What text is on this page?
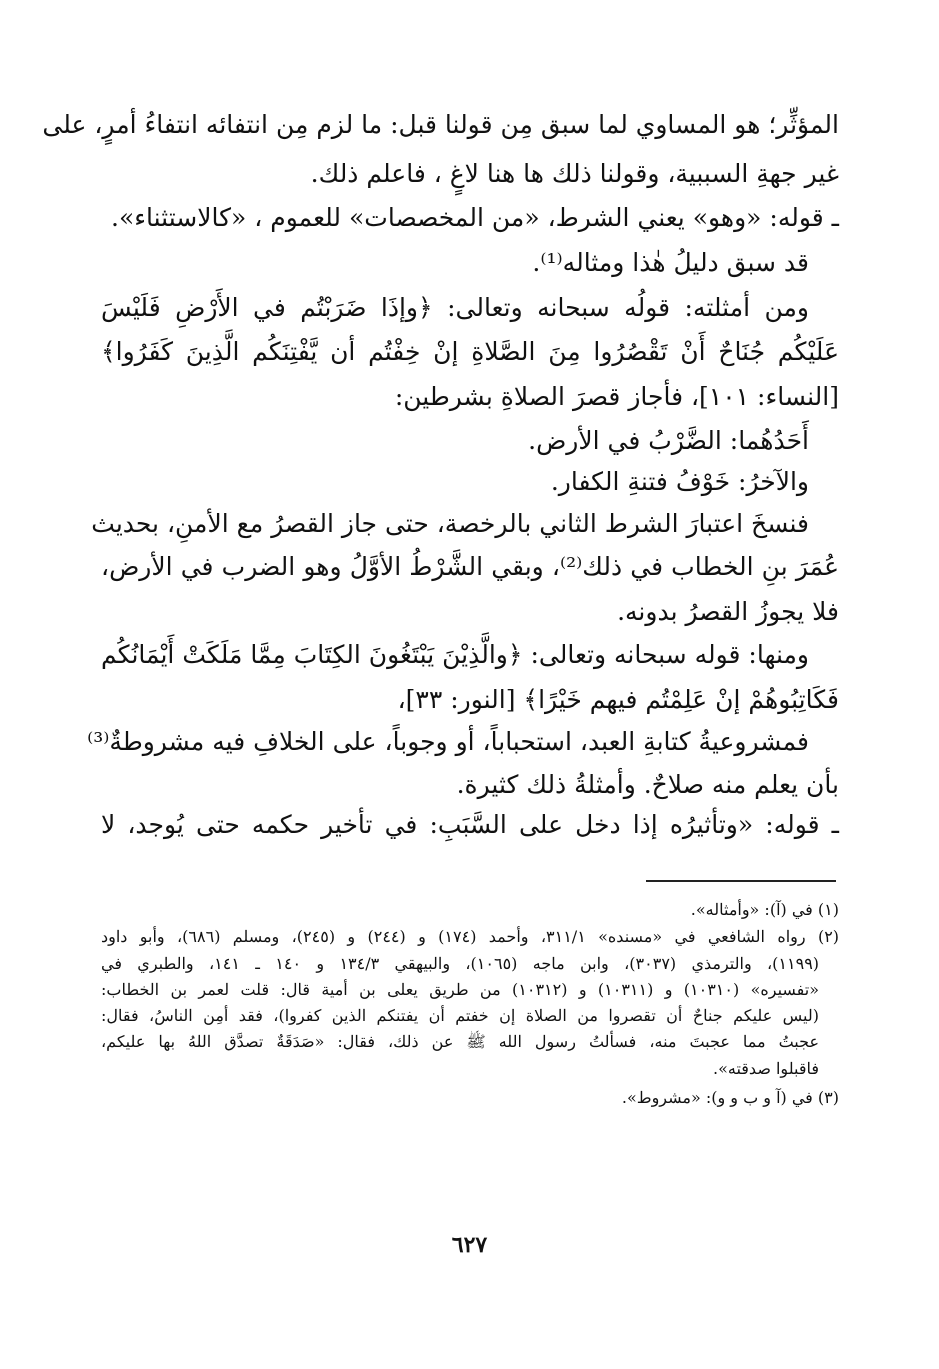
المؤثِّر؛ هو المساوي لما سبق مِن قولنا قبل: ما لزم مِن انتفائه انتفاءُ أمرٍ، على
غير جهةِ السببية، وقولنا ذلك ها هنا لاغٍ ، فاعلم ذلك.
ـ قوله: «وهو» يعني الشرط، «من المخصصات» للعموم ، «كالاستثناء».
قد سبق دليلُ هٰذا ومثاله⁽¹⁾.
ومن أمثلته: قولُه سبحانه وتعالى: ﴿وإذَا ضَرَبْتُم في الأَرْضِ فَلَيْسَ
عَلَيْكُم جُنَاحٌ أَنْ تَقْصُرُوا مِنَ الصَّلاةِ إنْ خِفْتُم أن يَّفْتِنَكُم الَّذِينَ كَفَرُوا﴾
[النساء: ١٠١]، فأجاز قصرَ الصلاةِ بشرطين:
أَحَدُهُما: الضَّرْبُ في الأرض.
والآخرُ: خَوْفُ فتنةِ الكفار.
فنسخَ اعتبارَ الشرط الثاني بالرخصة، حتى جاز القصرُ مع الأمنِ، بحديث
عُمَرَ بنِ الخطاب في ذلك⁽²⁾، وبقي الشَّرْطُ الأوَّلُ وهو الضرب في الأرض،
فلا يجوزُ القصرُ بدونه.
ومنها: قوله سبحانه وتعالى: ﴿والَّذِيْنَ يَبْتَغُونَ الكِتَابَ مِمَّا مَلَكَتْ أَيْمَانُكُم
فَكَاتِبُوهُمْ إنْ عَلِمْتُم فيهم خَيْرًا﴾ [النور: ٣٣]،
فمشروعيةُ كتابةِ العبد، استحباباً، أو وجوباً، على الخلافِ فيه مشروطةٌ⁽³⁾
بأن يعلم منه صلاحٌ. وأمثلةُ ذلك كثيرة.
ـ قوله: «وتأثيرُه إذا دخل على السَّبَبِ: في تأخير حكمه حتى يُوجد، لا
(١) في (آ): «وأمثاله».
(٢) رواه الشافعي في «مسنده» ٣١١/١، وأحمد (١٧٤) و (٢٤٤) و (٢٤٥)، ومسلم (٦٨٦)، وأبو داود
(١١٩٩)، والترمذي (٣٠٣٧)، وابن ماجه (١٠٦٥)، والبيهقي ١٣٤/٣ و ١٤٠ ـ ١٤١، والطبري في
«تفسيره» (١٠٣١٠) و (١٠٣١١) و (١٠٣١٢) من طريق يعلى بن أمية قال: قلت لعمر بن الخطاب:
(ليس عليكم جناحٌ أن تقصروا من الصلاة إن خفتم أن يفتنكم الذين كفروا)، فقد أمِن الناسُ، فقال:
عجبتُ مما عجبتَ منه، فسألتُ رسول الله ﷺ عن ذلك، فقال: «صَدَقَةٌ تصدَّق اللهُ بها عليكم،
فاقبلوا صدقته».
(٣) في (آ و ب و و): «مشروط».
٦٢٧
